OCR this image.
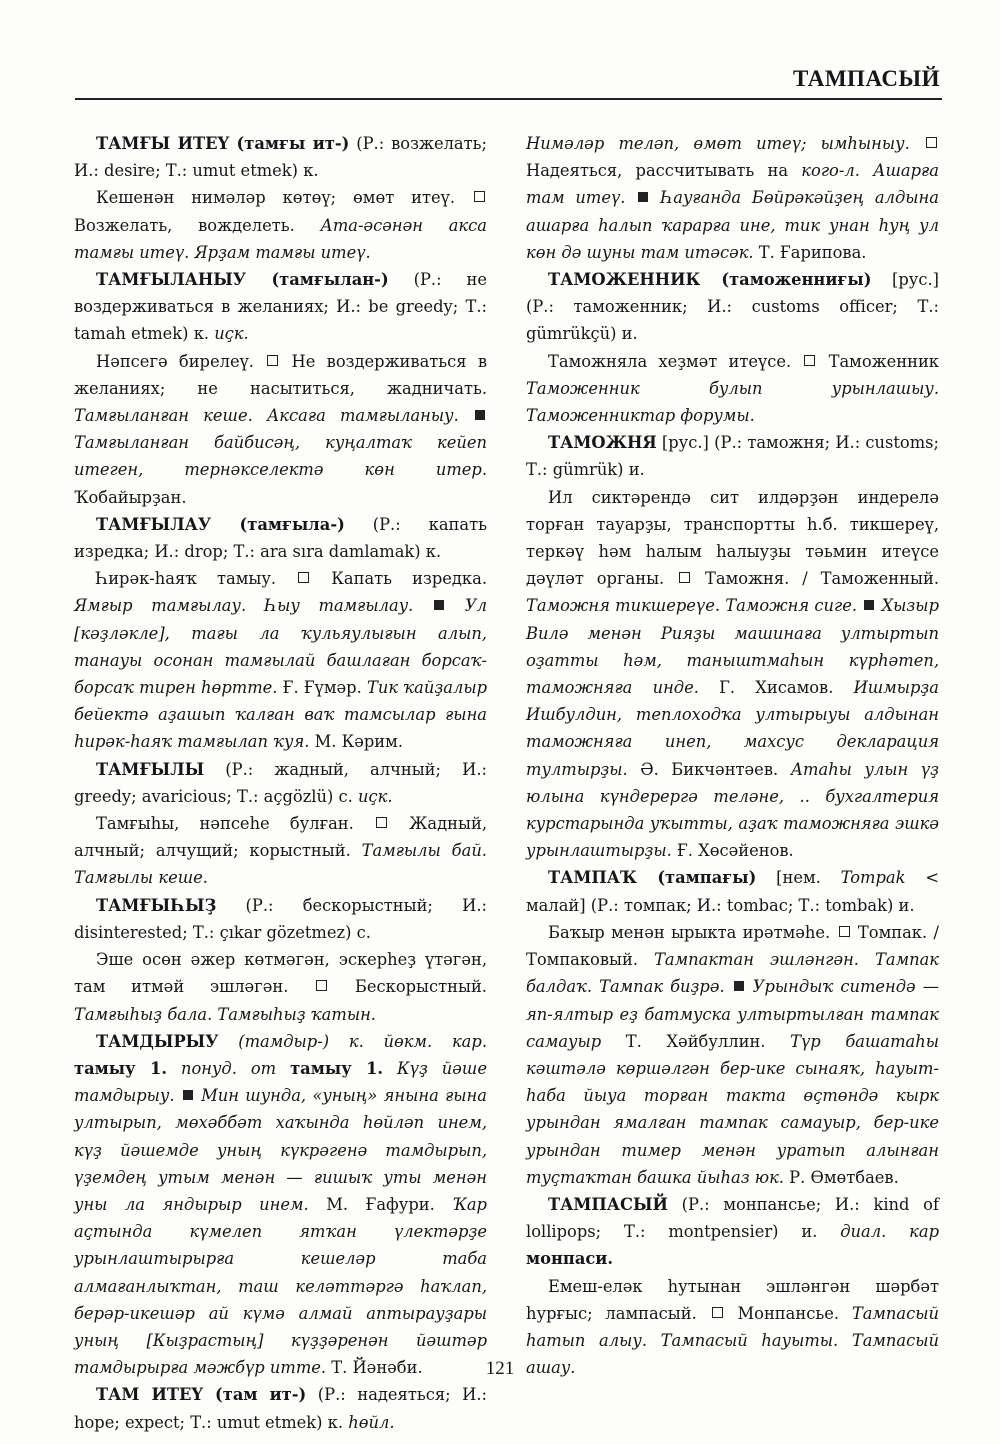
ТАМПАСЫЙ

ТАМҒЫ ИТЕҮ (тамғы ит-) (Р.: возжелать; И.: desire; Т.: umut etmek) к.

Кешенән нимәләр көтөү; өмөт итеү.  Возжелать, вожделеть. Ата-әсәнән акса тамғы итеү. Ярҙам тамғы итеү.

ТАМҒЫЛАНЫУ (тамғылан-) (Р.: не воздерживаться в желаниях; И.: be greedy; Т.: tamah etmek) к. иҫк.

Нәпсегә бирелеү.  Не воздерживаться в желаниях; не насытиться, жадничать. Тамғыланған кеше. Аксаға тамғыланыу.  Тамғыланған байбисәң, куңалтаҡ кейеп итеген, тернәкселектә көн итер. Ҡобайырҙан.

ТАМҒЫЛАУ (тамғыла-) (Р.: капать изредка; И.: drop; Т.: ara sıra damlamak) к.

Һирәк-һаяҡ тамыу.  Капать изредка. Ямғыр тамғылау. Һыу тамғылау.  Ул [кәҙләкле], тағы ла ҡульяулығын алып, танауы осонан тамғылай башлаған борсаҡ-борсаҡ тирен һөртте. Ғ. Ғүмәр. Тик ҡайҙалыр бейектә аҙашып ҡалған ваҡ тамсылар ғына һирәк-һаяҡ тамғылап ҡуя. М. Кәрим.

ТАМҒЫЛЫ (Р.: жадный, алчный; И.: greedy; avaricious; Т.: açgözlü) с. иҫк.

Тамғыһы, нәпсеһе булған.  Жадный, алчный; алчущий; корыстный. Тамғылы бай. Тамғылы кеше.

ТАМҒЫҺЫҘ (Р.: бескорыстный; И.: disinterested; Т.: çıkar gözetmez) с.

Эше осөн әжер көтмәгән, эскерһеҙ үтәгән, там итмәй эшләгән.	Бескорыстный. Тамғыһыҙ бала. Тамғыһыҙ ҡатын.

ТАМДЫРЫУ (тамдыр-) к. йөкм. кар. тамыу 1. понуд. от тамыу 1. Күҙ йәше тамдырыу.  Мин шунда, «уның» янына ғына ултырып, мөхәббәт хаҡында һөйләп инем, күҙ йәшемде уның күкрәгенә тамдырып, үҙемдең утым менән — ғишыҡ уты менән уны ла яндырыр инем. М. Ғафури. Ҡар аҫтында күмелеп ятҡан үлектәрҙе урынлаштырырға кешеләр таба алмағанлыҡтан, таш келәттәргә һаҡлап, берәр-икешәр ай күмә алмай аптырауҙары уның [Кыҙрастың] күҙҙәренән йәштәр тамдырырға мәжбүр итте. Т. Йәнәби.

ТАМ ИТЕҮ (там ит-) (Р.: надеяться; И.: hope; expect; Т.: umut etmek) к. һөйл.

Нимәләр теләп, өмөт итеү; ымһыныу.  Надеяться, рассчитывать на кого-л. Ашарға там итеү.  Һауғанда Бөйрәкәйҙең алдына ашарға һалып ҡарарға ине, тик унан һуң ул көн дә шуны там итәсәк. Т. Ғарипова.

ТАМОЖЕННИК (таможенниғы) [рус.] (Р.: таможенник; И.: customs officer; Т.: gümrükçü) и.

Таможняла хеҙмәт итеүсе.  Таможенник Таможенник булып урынлашыу. Таможенниктар форумы.

ТАМОЖНЯ [рус.] (Р.: таможня; И.: customs; Т.: gümrük) и.

Ил сиктәрендә сит илдәрҙән индерелә торған тауарҙы, транспортты һ.б. тикшереү, теркәү һәм һалым һалыуҙы тәьмин итеүсе дәүләт органы.  Таможня. / Таможенный. Таможня тикшереүе. Таможня сиге.  Хызыр Вилә менән Рияҙы машинаға ултыртып оҙатты һәм, таныштмаһын күрһәтеп, таможняға инде. Г. Хисамов. Ишмырҙа Ишбулдин, теплоходҡа ултырыуы алдынан таможняға инеп, махсус декларация тултырҙы. Ә. Бикчәнтәев. Атаһы улын үҙ юлына күндерергә теләне, .. бухгалтерия курстарында уҡытты, аҙаҡ таможняға эшкә урынлаштырҙы. Ғ. Хөсәйенов.

ТАМПАҠ (тампағы) [нем. Tompak < малай] (Р.: томпак; И.: tombac; Т.: tombak) и.

Баҡыр менән ырыкта ирәтмәһе.  Томпак. / Томпаковый. Тампактан эшләнгән. Тампак балдаҡ. Тампак биҙрә.  Урындыҡ ситендә — яп-ялтыр еҙ батмуска ултыртылған тампак самауыр Т. Хәйбуллин. Түр башатаһы кәштәлә көршәлгән бер-ике сынаяҡ, һауыт-һаба йыуа торған такта өҫтөндә кырк урындан ямалған тампак самауыр, бер-ике урындан тимер менән уратып алынған туҫтаҡтан башка йыһаз юк. Р. Өмөтбаев.

ТАМПАСЫЙ (Р.: монпансье; И.: kind of lollipops; Т.: montpensier) и. диал. кар монпаси.

Емеш-еләк һутынан эшләнгән шәрбәт һурғыс; лампасый.  Монпансье. Тампасый һатып алыу. Тампасый һауыты. Тампасый ашау.

121
